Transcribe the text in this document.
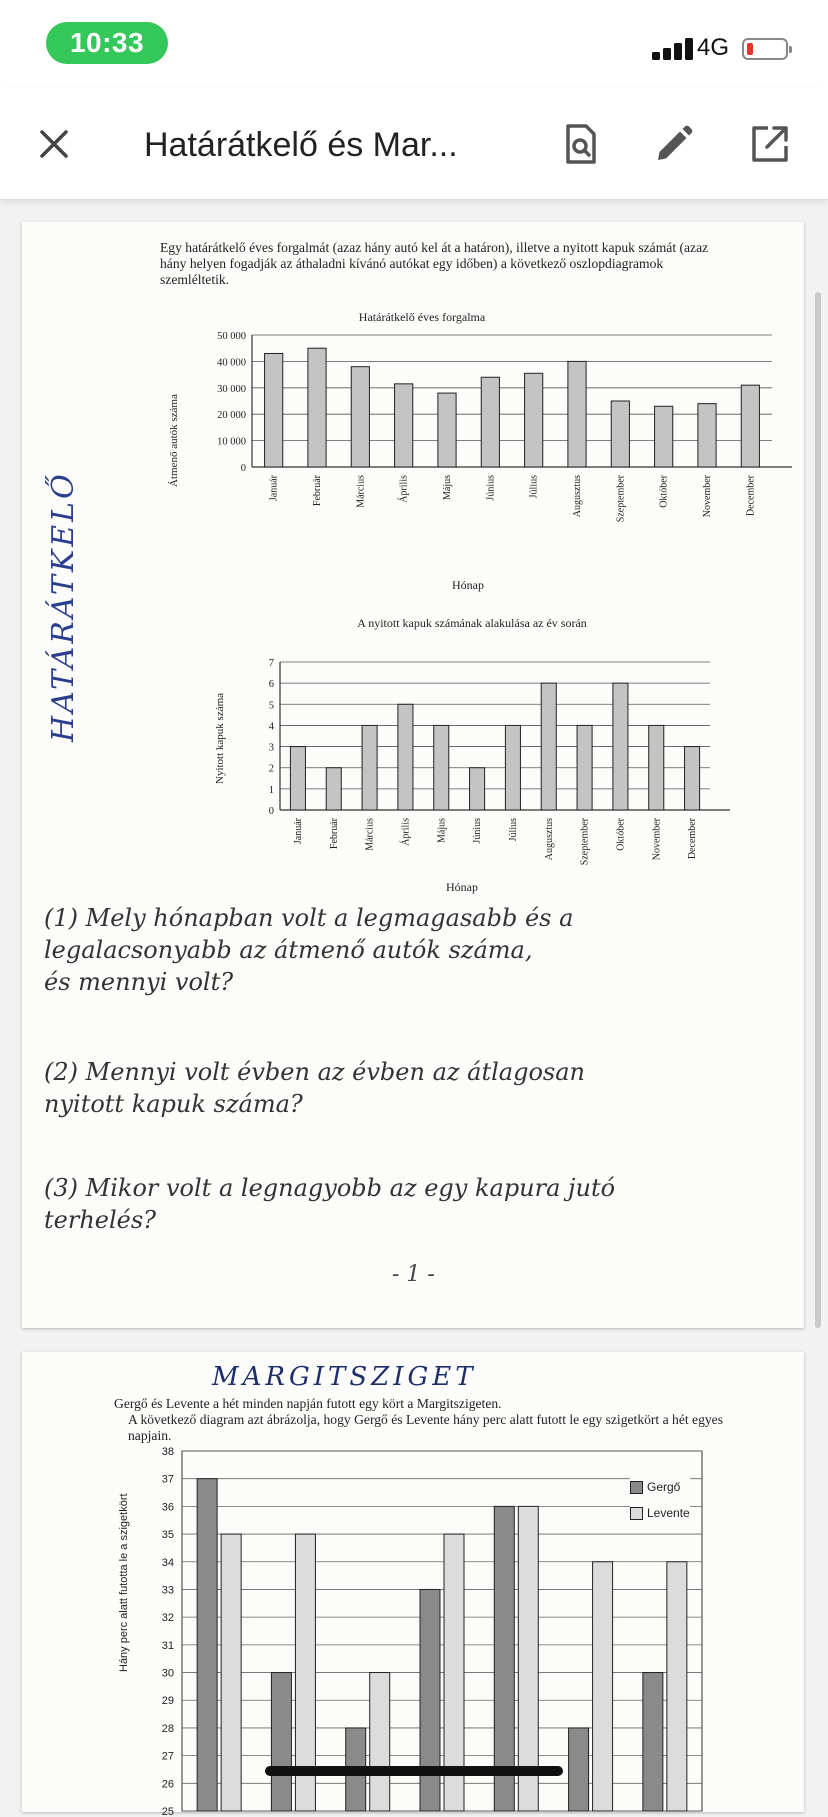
10:33	4G
Határátkelő és Mar...
Egy határátkelő éves forgalmát (azaz hány autó kel át a határon), illetve a nyitott kapuk számát (azaz hány helyen fogadják az áthaladni kívánó autókat egy időben) a következő oszlopdiagramok szemléltetik.
HATÁRÁTKELŐ
Határátkelő éves forgalma
Átmenő autók száma	0
10 000
20 000
30 000
40 000
50 000
Január	Február	Március	Április	Május	Június	Július	Augusztus	Szeptember	Október	November	December
Hónap
A nyitott kapuk számának alakulása az év során
Nyitott kapuk száma
0
1
2
3
4
5
6
7
Január Február Március Április Május Június Július Augusztus Szeptember Október November December
Hónap
(1) Mely hónapban volt a legmagasabb és a
legalacsonyabb az átmenő autók száma,
és mennyi volt?
(2) Mennyi volt évben az évben az átlagosan
nyitott kapuk száma?
(3) Mikor volt a legnagyobb az egy kapura jutó
terhelés?
- 1 -
MARGITSZIGET
Gergő és Levente a hét minden napján futott egy kört a Margitszigeten.
A következő diagram azt ábrázolja, hogy Gergő és Levente hány perc alatt futott le egy szigetkört a hét egyes napjain.
Hány perc alatt futotta le a szigetkört
25
26
27
28
29
30
31
32
33
34
35
36
37
38
Gergő
Levente
